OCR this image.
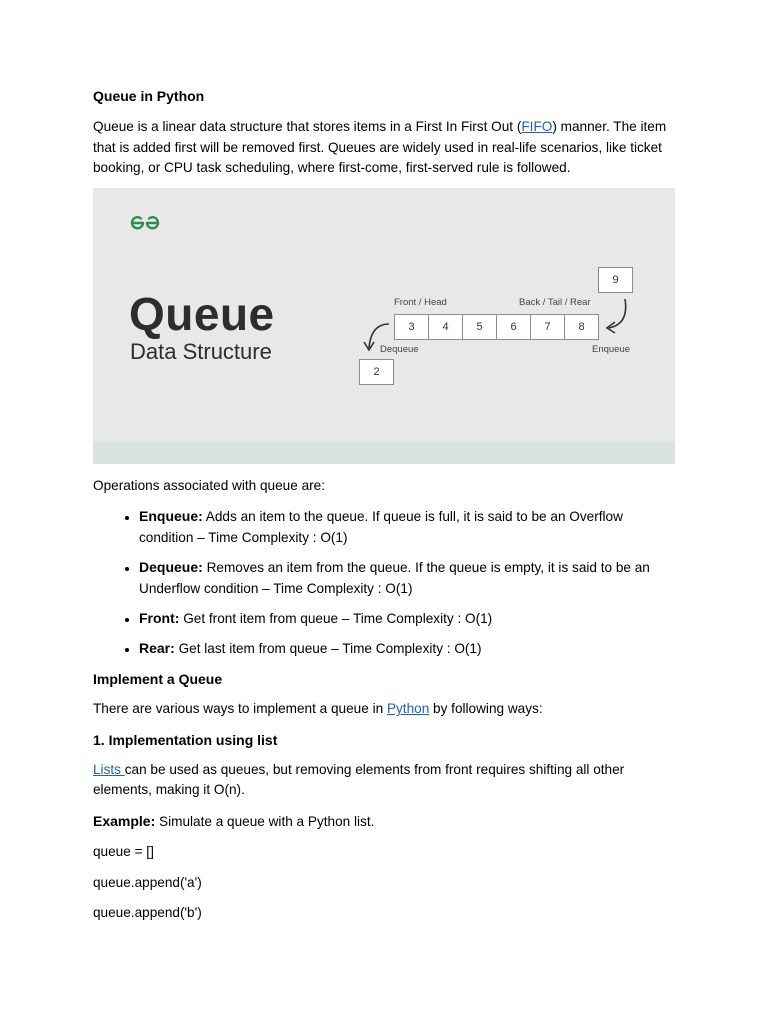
Queue in Python

Queue is a linear data structure that stores items in a First In First Out (FIFO) manner. The item that is added first will be removed first. Queues are widely used in real-life scenarios, like ticket booking, or CPU task scheduling, where first-come, first-served rule is followed.

Queue
Data Structure
Front / Head	Back / Tail / Rear
3	4	5	6	7	8
9
2
Dequeue	Enqueue

Operations associated with queue are:

• Enqueue: Adds an item to the queue. If queue is full, it is said to be an Overflow condition – Time Complexity : O(1)
• Dequeue: Removes an item from the queue. If the queue is empty, it is said to be an Underflow condition – Time Complexity : O(1)
• Front: Get front item from queue – Time Complexity : O(1)
• Rear: Get last item from queue – Time Complexity : O(1)

Implement a Queue

There are various ways to implement a queue in Python by following ways:

1. Implementation using list

Lists can be used as queues, but removing elements from front requires shifting all other elements, making it O(n).

Example: Simulate a queue with a Python list.

queue = []

queue.append('a')

queue.append('b')
